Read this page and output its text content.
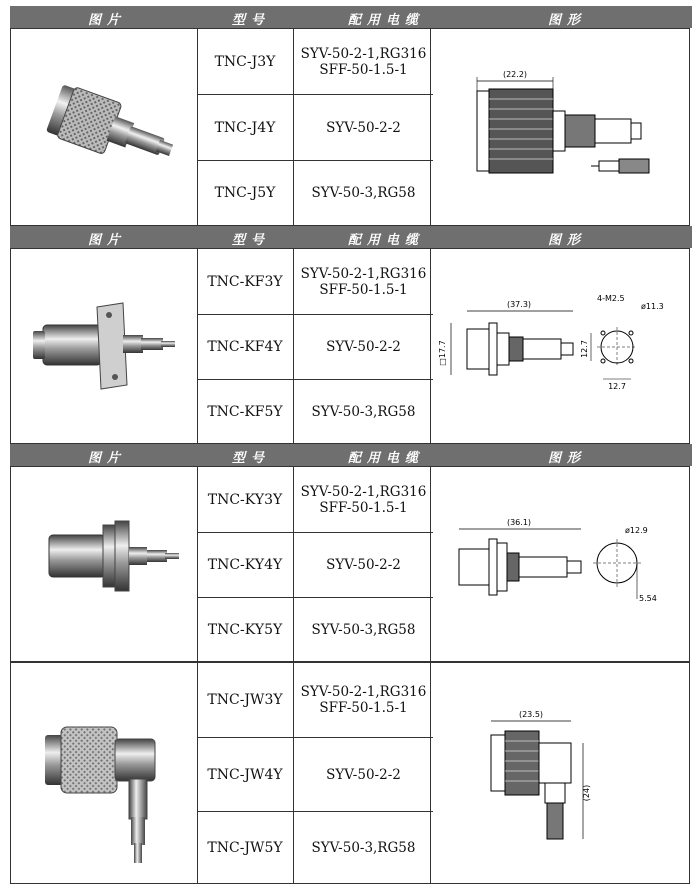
图片	型号	配用电缆	图形
TNC-J3Y	SYV-50-2-1,RG316
SFF-50-1.5-1
TNC-J4Y	SYV-50-2-2
TNC-J5Y	SYV-50-3,RG58
(22.2)
图片	型号	配用电缆	图形
TNC-KF3Y	SYV-50-2-1,RG316
SFF-50-1.5-1
TNC-KF4Y	SYV-50-2-2
TNC-KF5Y	SYV-50-3,RG58
(37.3)
□17.7
4-M2.5
ø11.3
12.7
12.7
图片	型号	配用电缆	图形
TNC-KY3Y	SYV-50-2-1,RG316
SFF-50-1.5-1
TNC-KY4Y	SYV-50-2-2
TNC-KY5Y	SYV-50-3,RG58
(36.1)
ø12.9
5.54
TNC-JW3Y	SYV-50-2-1,RG316
SFF-50-1.5-1
TNC-JW4Y	SYV-50-2-2
TNC-JW5Y	SYV-50-3,RG58
(23.5)
(24)
